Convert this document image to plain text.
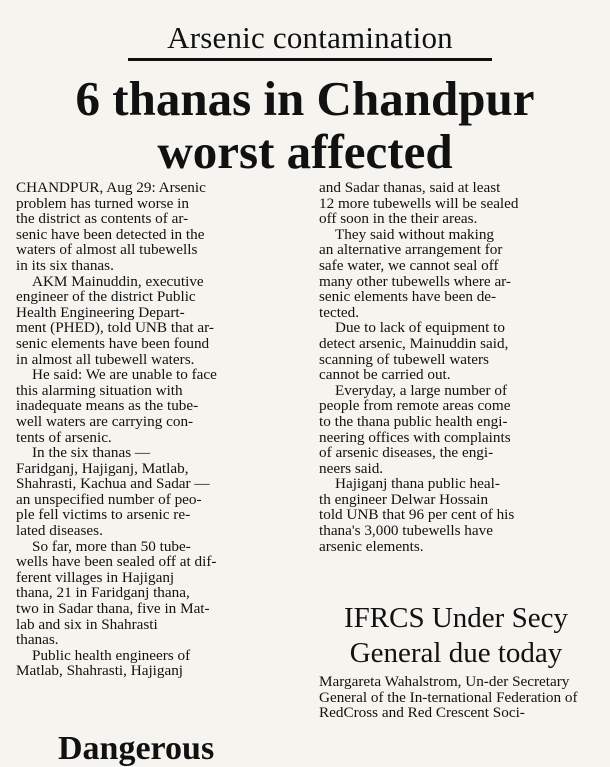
Arsenic contamination
6 thanas in Chandpur
worst affected
CHANDPUR, Aug 29: Arsenic
problem has turned worse in
the district as contents of ar-
senic have been detected in the
waters of almost all tubewells
in its six thanas.
AKM Mainuddin, executive
engineer of the district Public
Health Engineering Depart-
ment (PHED), told UNB that ar-
senic elements have been found
in almost all tubewell waters.
He said: We are unable to face
this alarming situation with
inadequate means as the tube-
well waters are carrying con-
tents of arsenic.
In the six thanas —
Faridganj, Hajiganj, Matlab,
Shahrasti, Kachua and Sadar —
an unspecified number of peo-
ple fell victims to arsenic re-
lated diseases.
So far, more than 50 tube-
wells have been sealed off at dif-
ferent villages in Hajiganj
thana, 21 in Faridganj thana,
two in Sadar thana, five in Mat-
lab and six in Shahrasti
thanas.
Public health engineers of
Matlab, Shahrasti, Hajiganj
and Sadar thanas, said at least
12 more tubewells will be sealed
off soon in the their areas.
They said without making
an alternative arrangement for
safe water, we cannot seal off
many other tubewells where ar-
senic elements have been de-
tected.
Due to lack of equipment to
detect arsenic, Mainuddin said,
scanning of tubewell waters
cannot be carried out.
Everyday, a large number of
people from remote areas come
to the thana public health engi-
neering offices with complaints
of arsenic diseases, the engi-
neers said.
Hajiganj thana public heal-
th engineer Delwar Hossain
told UNB that 96 per cent of his
thana's 3,000 tubewells have
arsenic elements.
IFRCS Under Secy
General due today
Margareta Wahalstrom, Un-der Secretary General of the In-ternational Federation of RedCross and Red Crescent Soci-
Dangerous
